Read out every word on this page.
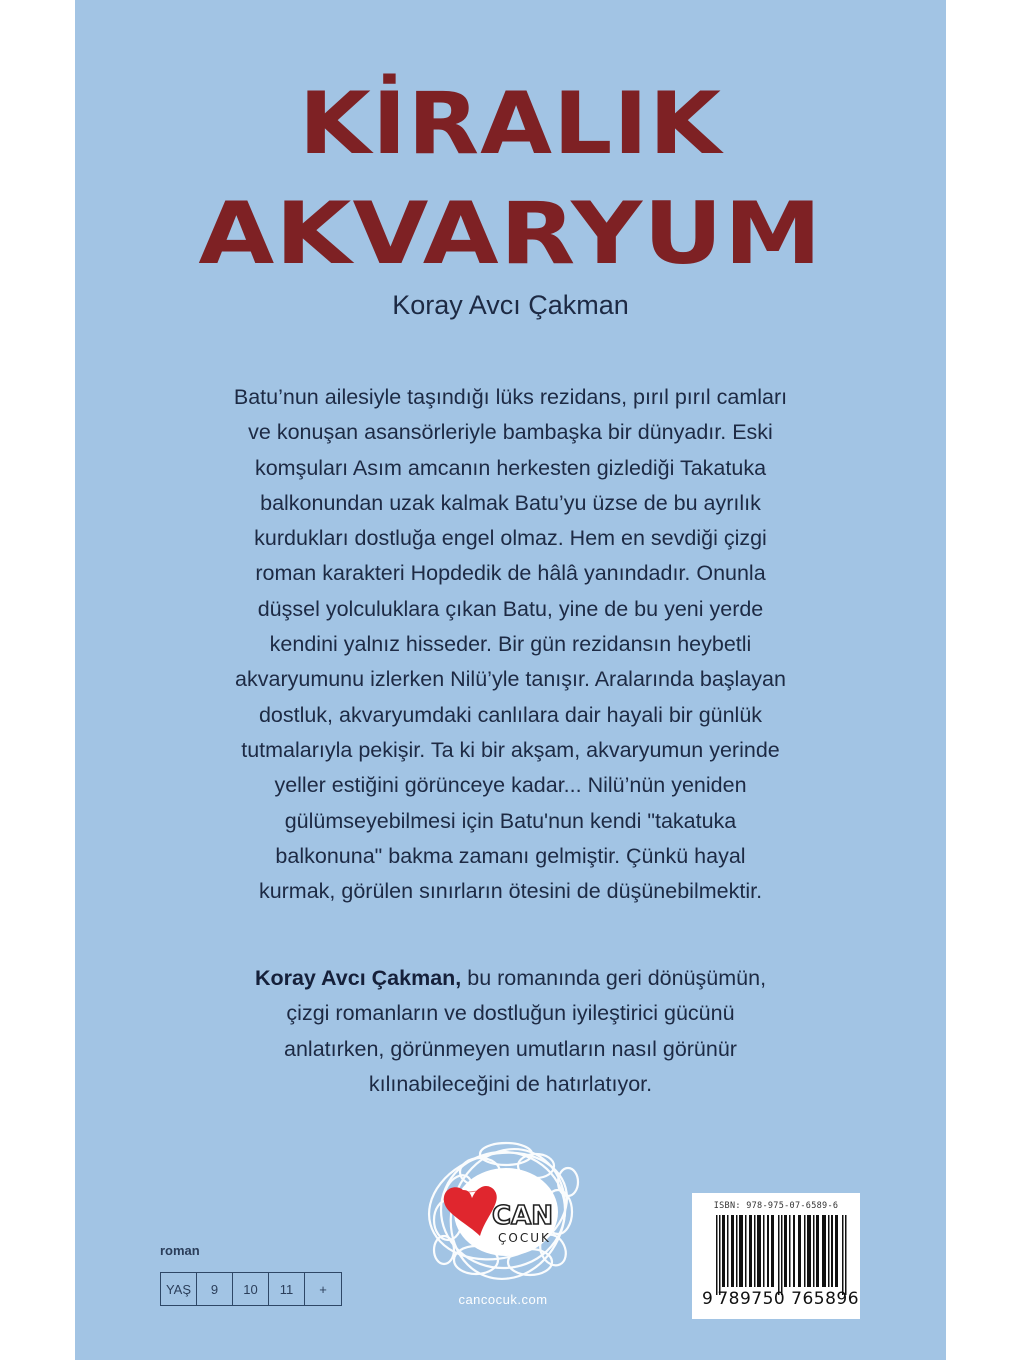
KİRALIK
AKVARYUM
Koray Avcı Çakman
Batu’nun ailesiyle taşındığı lüks rezidans, pırıl pırıl camları
ve konuşan asansörleriyle bambaşka bir dünyadır. Eski
komşuları Asım amcanın herkesten gizlediği Takatuka
balkonundan uzak kalmak Batu’yu üzse de bu ayrılık
kurdukları dostluğa engel olmaz. Hem en sevdiği çizgi
roman karakteri Hopdedik de hâlâ yanındadır. Onunla
düşsel yolculuklara çıkan Batu, yine de bu yeni yerde
kendini yalnız hisseder. Bir gün rezidansın heybetli
akvaryumunu izlerken Nilü’yle tanışır. Aralarında başlayan
dostluk, akvaryumdaki canlılara dair hayali bir günlük
tutmalarıyla pekişir. Ta ki bir akşam, akvaryumun yerinde
yeller estiğini görünceye kadar... Nilü’nün yeniden
gülümseyebilmesi için Batu'nun kendi "takatuka
balkonuna" bakma zamanı gelmiştir. Çünkü hayal
kurmak, görülen sınırların ötesini de düşünebilmektir.
Koray Avcı Çakman, bu romanında geri dönüşümün,
çizgi romanların ve dostluğun iyileştirici gücünü
anlatırken, görünmeyen umutların nasıl görünür
kılınabileceğini de hatırlatıyor.
CAN
ÇOCUK
cancocuk.com
roman
YAŞ	9	10	11	+
ISBN: 978-975-07-6589-6
9 789750 765896
